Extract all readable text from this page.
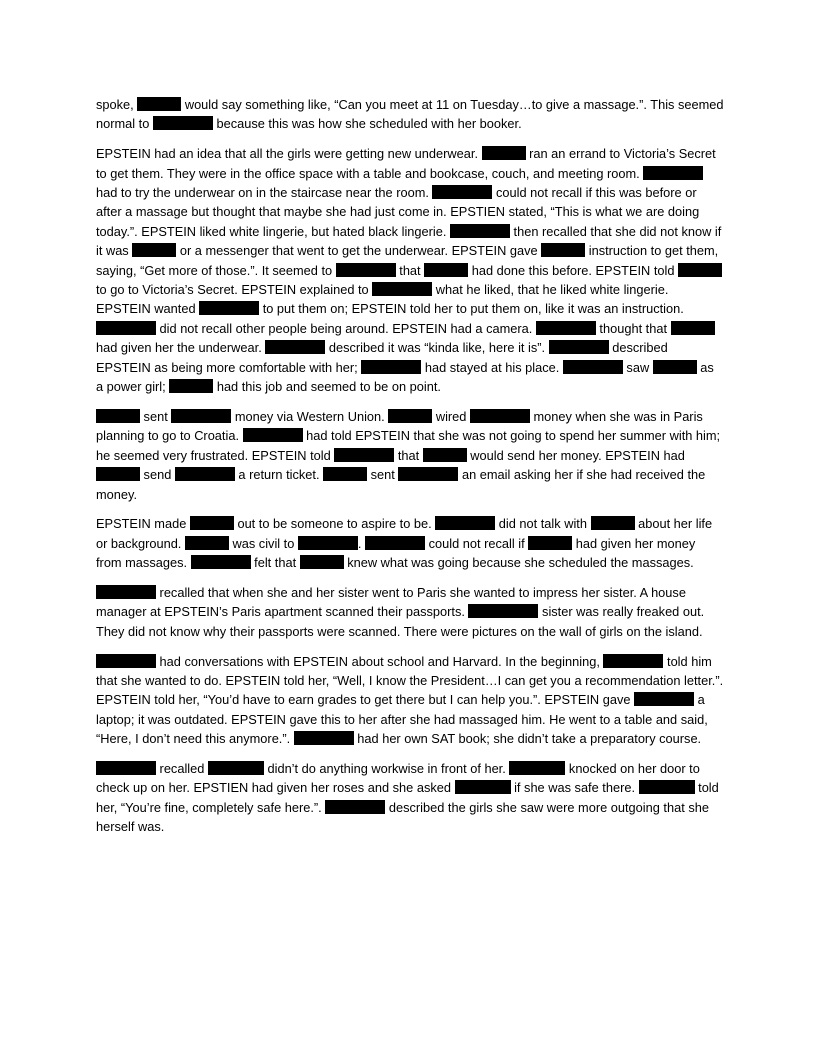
spoke,	would say something like, “Can you meet at 11 on Tuesday…to give a massage.”. This seemed normal to	because this was how she scheduled with her booker.

EPSTEIN had an idea that all the girls were getting new underwear.	ran an errand to Victoria’s Secret to get them. They were in the office space with a table and bookcase, couch, and meeting room.  had to try the underwear on in the staircase near the room.	could not recall if this was before or after a massage but thought that maybe she had just come in. EPSTIEN stated, “This is what we are doing today.”. EPSTEIN liked white lingerie, but hated black lingerie.	then recalled that she did not know if it was	or a messenger that went to get the underwear. EPSTEIN gave	instruction to get them, saying, “Get more of those.”. It seemed to	that	had done this before. EPSTEIN told  to go to Victoria’s Secret. EPSTEIN explained to	what he liked, that he liked white lingerie. EPSTEIN wanted	to put them on; EPSTEIN told her to put them on, like it was an instruction.  did not recall other people being around. EPSTEIN had a camera.	thought that  had given her the underwear.	described it was “kinda like, here it is”.	described EPSTEIN as being more comfortable with her;	had stayed at his place.	saw	as a power girl;	had this job and seemed to be on point.

sent	money via Western Union.	wired	money when she was in Paris planning to go to Croatia.	had told EPSTEIN that she was not going to spend her summer with him; he seemed very frustrated. EPSTEIN told	that	would send her money. EPSTEIN had  send	a return ticket.	sent	an email asking her if she had received the money.

EPSTEIN made	out to be someone to aspire to be.	did not talk with	about her life or background.	was civil to	.	could not recall if	had given her money from massages.	felt that	knew what was going because she scheduled the massages.

recalled that when she and her sister went to Paris she wanted to impress her sister. A house manager at EPSTEIN’s Paris apartment scanned their passports.	sister was really freaked out. They did not know why their passports were scanned. There were pictures on the wall of girls on the island.

had conversations with EPSTEIN about school and Harvard. In the beginning,	told him that she wanted to do. EPSTEIN told her, “Well, I know the President…I can get you a recommendation letter.”. EPSTEIN told her, “You’d have to earn grades to get there but I can help you.”. EPSTEIN gave	a laptop; it was outdated. EPSTEIN gave this to her after she had massaged him. He went to a table and said, “Here, I don’t need this anymore.”.	had her own SAT book; she didn’t take a preparatory course.

recalled	didn’t do anything workwise in front of her.	knocked on her door to check up on her. EPSTIEN had given her roses and she asked	if she was safe there.	told her, “You’re fine, completely safe here.”.	described the girls she saw were more outgoing that she herself was.
